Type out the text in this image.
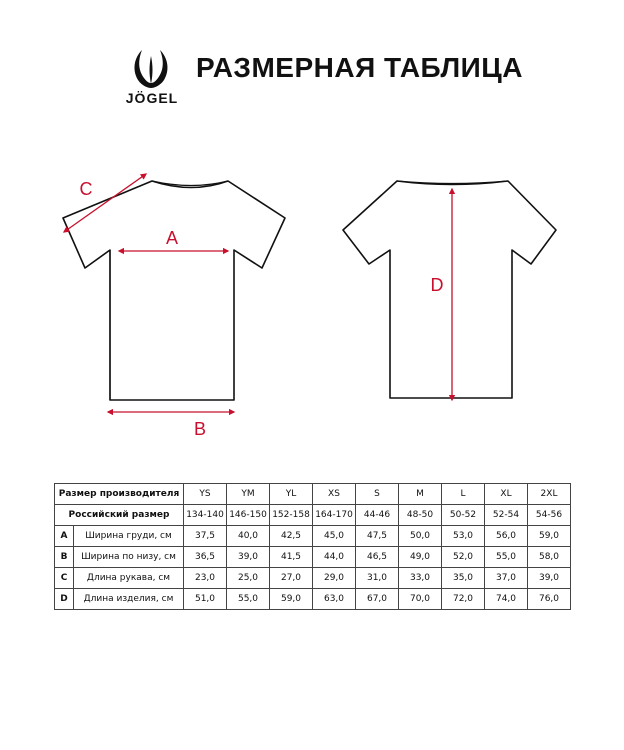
JÖGEL
РАЗМЕРНАЯ ТАБЛИЦА
A
B
C
D
Размер производителя		YS	YM	YL	XS	S	M	L	XL	2XL
Российский размер		134-140	146-150	152-158	164-170	44-46	48-50	50-52	52-54	54-56
A	Ширина груди, см	37,5	40,0	42,5	45,0	47,5	50,0	53,0	56,0	59,0
B	Ширина по низу, см	36,5	39,0	41,5	44,0	46,5	49,0	52,0	55,0	58,0
C	Длина рукава, см	23,0	25,0	27,0	29,0	31,0	33,0	35,0	37,0	39,0
D	Длина изделия, см	51,0	55,0	59,0	63,0	67,0	70,0	72,0	74,0	76,0
